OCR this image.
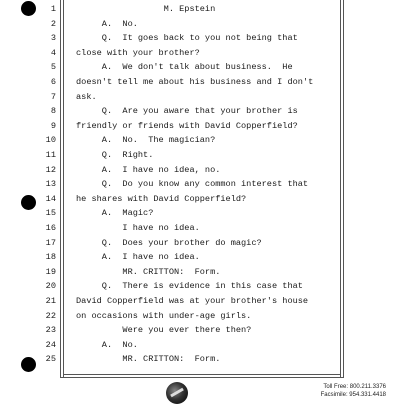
1 M. Epstein
2 A.  No.
3 Q.  It goes back to you not being that
4 close with your brother?
5 A.  We don't talk about business.  He
6 doesn't tell me about his business and I don't
7 ask.
8 Q.  Are you aware that your brother is
9 friendly or friends with David Copperfield?
10 A.  No.  The magician?
11 Q.  Right.
12 A.  I have no idea, no.
13 Q.  Do you know any common interest that
14 he shares with David Copperfield?
15 A.  Magic?
16 I have no idea.
17 Q.  Does your brother do magic?
18 A.  I have no idea.
19 MR. CRITTON:  Form.
20 Q.  There is evidence in this case that
21 David Copperfield was at your brother's house
22 on occasions with under-age girls.
23 Were you ever there then?
24 A.  No.
25 MR. CRITTON:  Form.
Toll Free: 800.211.3376
Facsimile: 954.331.4418
